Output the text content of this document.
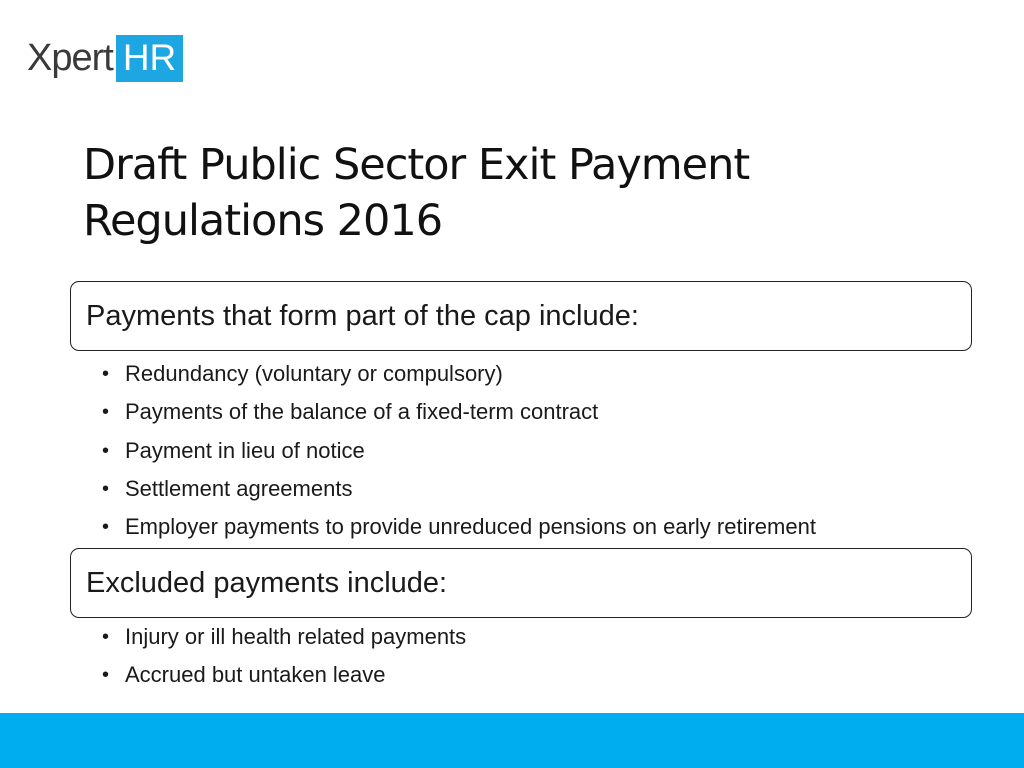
Xpert HR
Draft Public Sector Exit Payment Regulations 2016
Payments that form part of the cap include:
• Redundancy (voluntary or compulsory)
• Payments of the balance of a fixed-term contract
• Payment in lieu of notice
• Settlement agreements
• Employer payments to provide unreduced pensions on early retirement
Excluded payments include:
• Injury or ill health related payments
• Accrued but untaken leave
